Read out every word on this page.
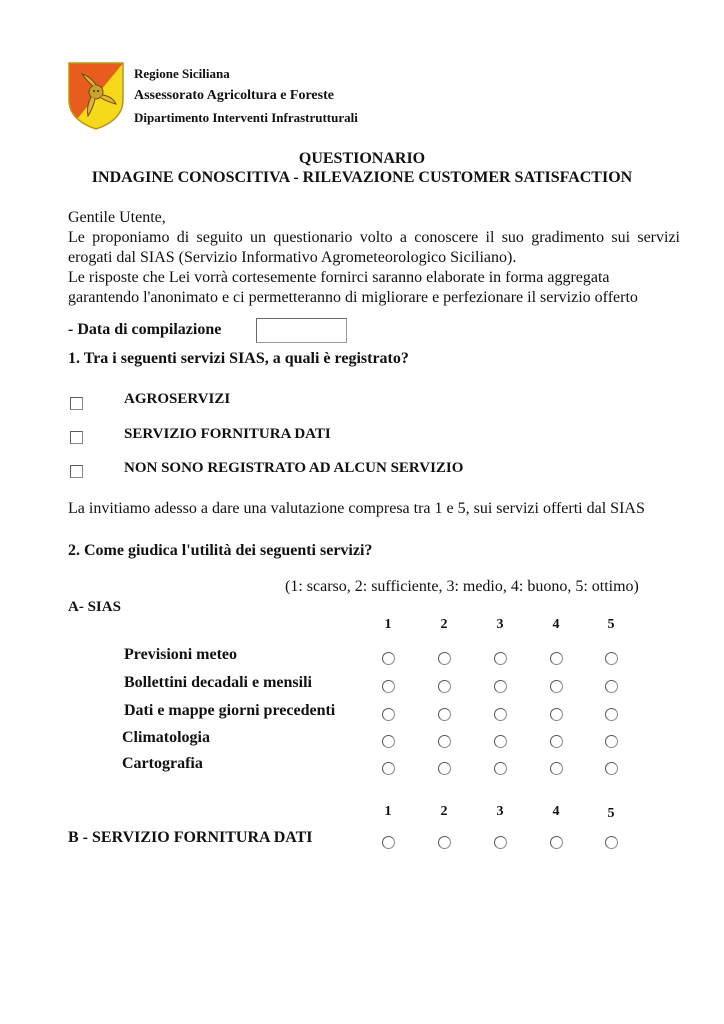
Regione Siciliana
Assessorato Agricoltura e Foreste
Dipartimento Interventi Infrastrutturali
QUESTIONARIO
INDAGINE CONOSCITIVA - RILEVAZIONE CUSTOMER SATISFACTION

Gentile Utente,

Le proponiamo di seguito un questionario volto a conoscere il suo gradimento sui servizi

erogati dal SIAS (Servizio Informativo Agrometeorologico Siciliano).

Le risposte che Lei vorrà cortesemente fornirci saranno elaborate in forma aggregata

garantendo l'anonimato e ci permetteranno di migliorare e perfezionare il servizio offerto

- Data di compilazione
1. Tra i seguenti servizi SIAS, a quali è registrato?
AGROSERVIZI
SERVIZIO FORNITURA DATI
NON SONO REGISTRATO AD ALCUN SERVIZIO
La invitiamo adesso a dare una valutazione compresa tra 1 e 5, sui servizi offerti dal SIAS
2. Come giudica l'utilità dei seguenti servizi?
(1: scarso, 2: sufficiente, 3: medio, 4: buono, 5: ottimo)
A- SIAS
1	2	3	4	5
Previsioni meteo
Bollettini decadali e mensili
Dati e mappe giorni precedenti
Climatologia
Cartografia
1	2	3	4	5
B - SERVIZIO FORNITURA DATI
